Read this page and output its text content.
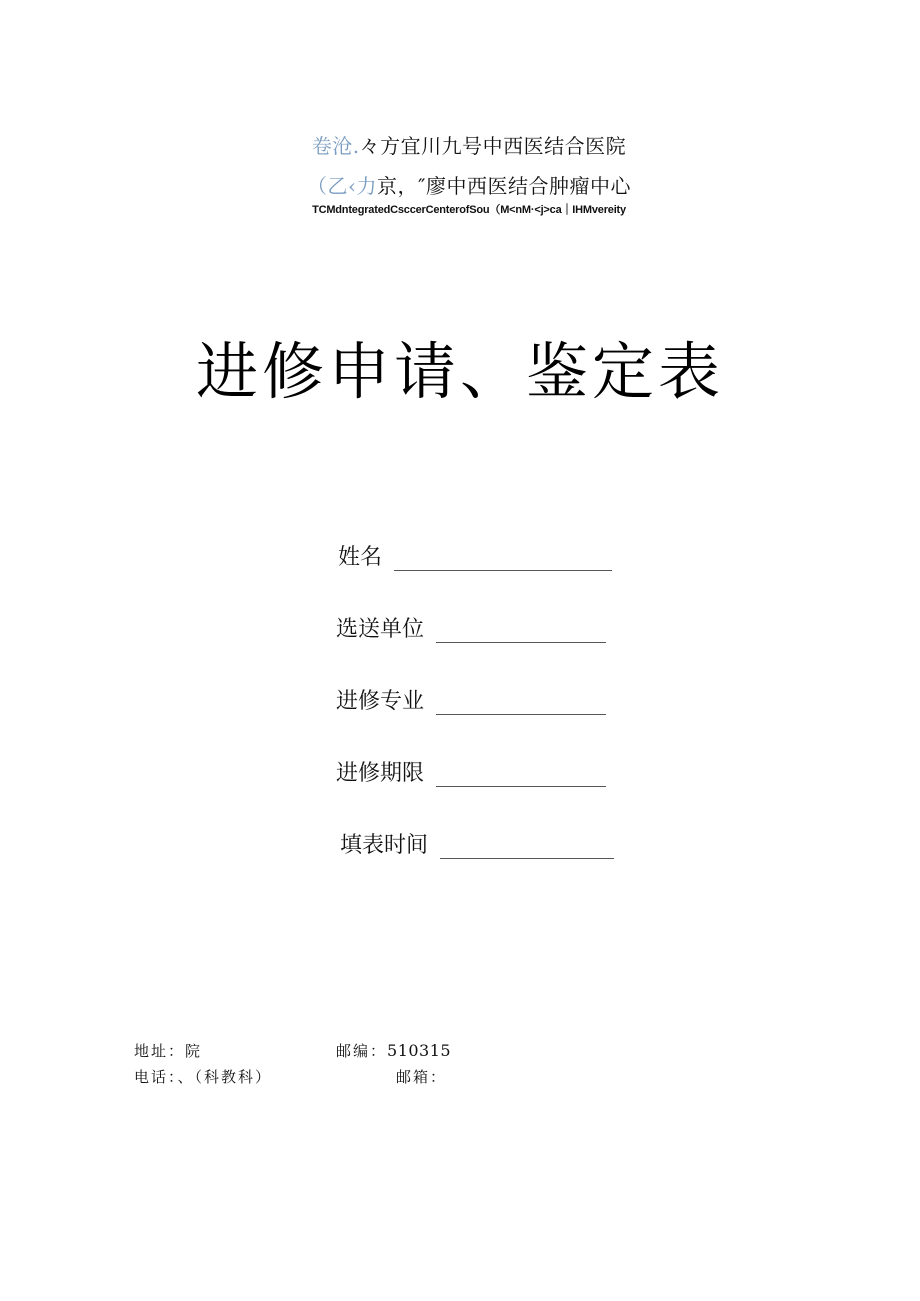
卷沧.々方宜川九号中西医结合医院
（乙‹力京，″廖中西医结合肿瘤中心
TCMdntegratedCsccerCenterofSou（M<nM·<j>ca｜IHMvereity
进修申请、鉴定表
姓名
选送单位
进修专业
进修期限
填表时间
地址：院	邮编：510315
电话：、（科教科）	邮箱：
